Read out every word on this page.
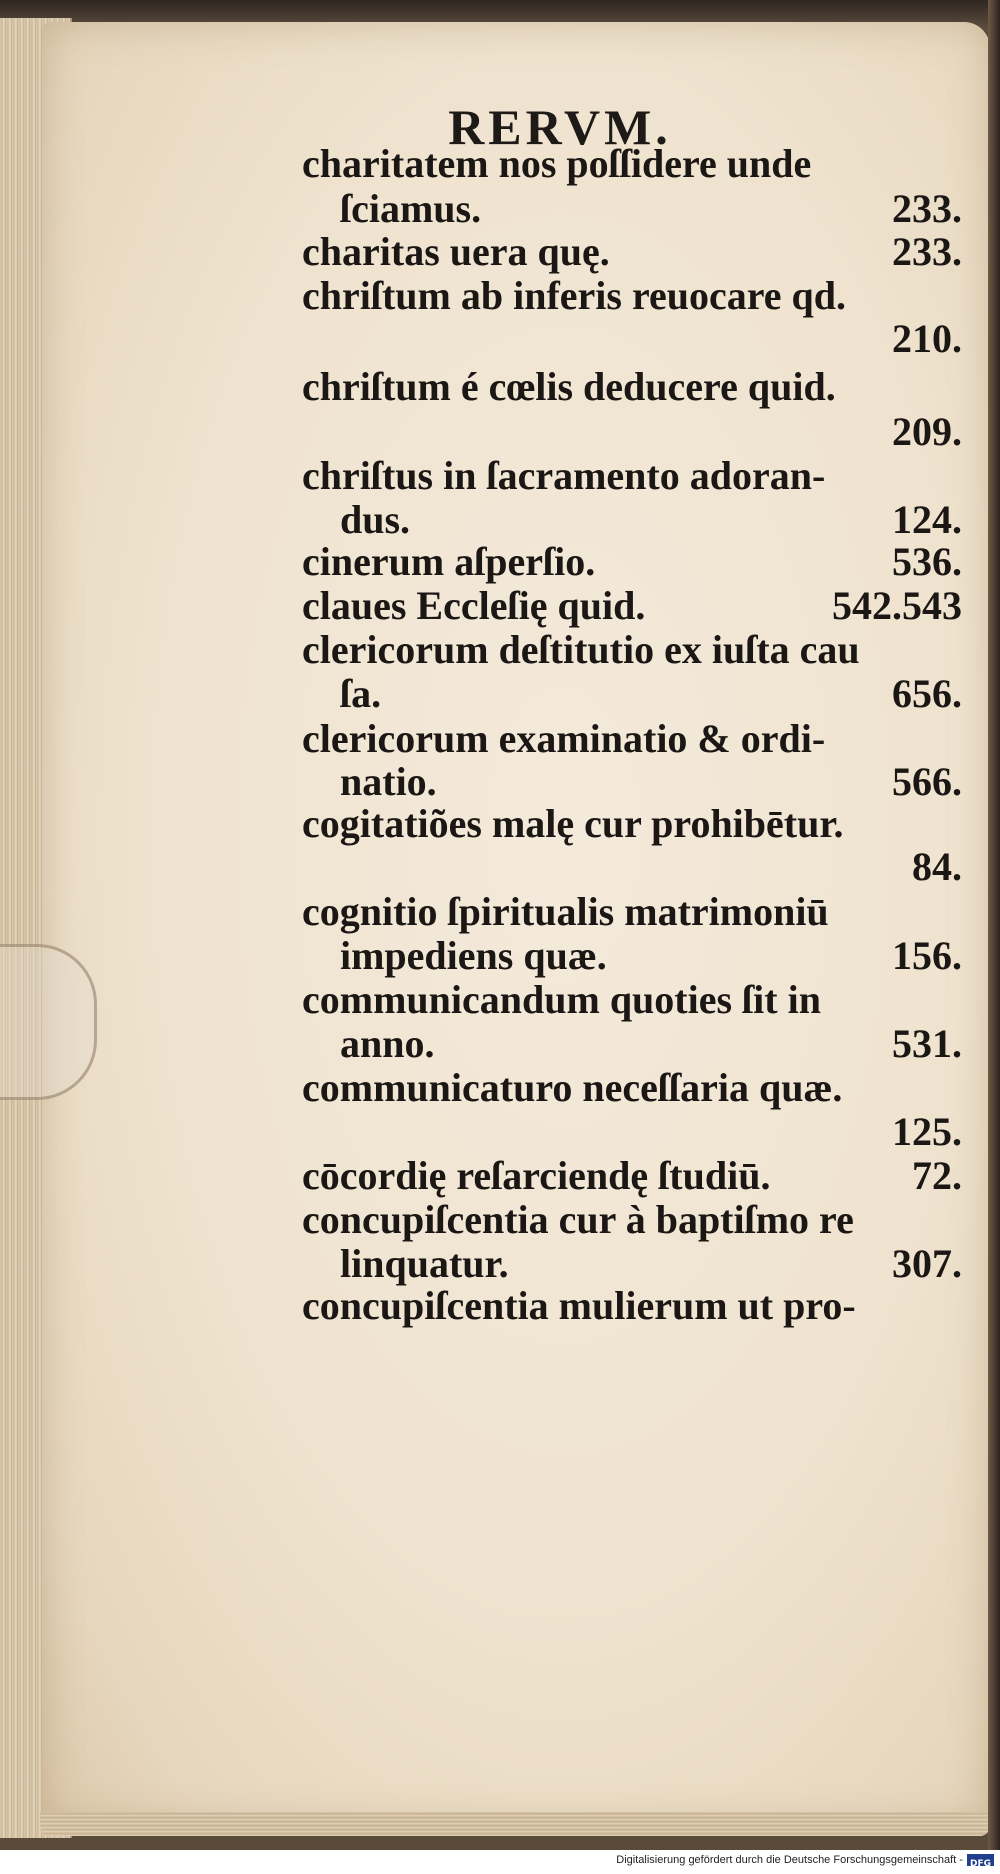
RERVM.
charitatem nos poſſidere unde
ſciamus.	233.
charitas uera quę.	233.
chriſtum ab inferis reuocare qd.
210.
chriſtum é cœlis deducere quid.
209.
chriſtus in ſacramento adoran-
dus.	124.
cinerum aſperſio.	536.
claues Eccleſię quid.	542.543
clericorum deſtitutio ex iuſta cau
ſa.	656.
clericorum examinatio & ordi-
natio.	566.
cogitatiões malę cur prohibētur.
84.
cognitio ſpiritualis matrimoniū
impediens quæ.	156.
communicandum quoties ſit in
anno.	531.
communicaturo neceſſaria quæ.
125.
cōcordię reſarciendę ſtudiū.	72.
concupiſcentia cur à baptiſmo re
linquatur.	307.
concupiſcentia mulierum ut pro-
Digitalisierung gefördert durch die Deutsche Forschungsgemeinschaft - DFG
